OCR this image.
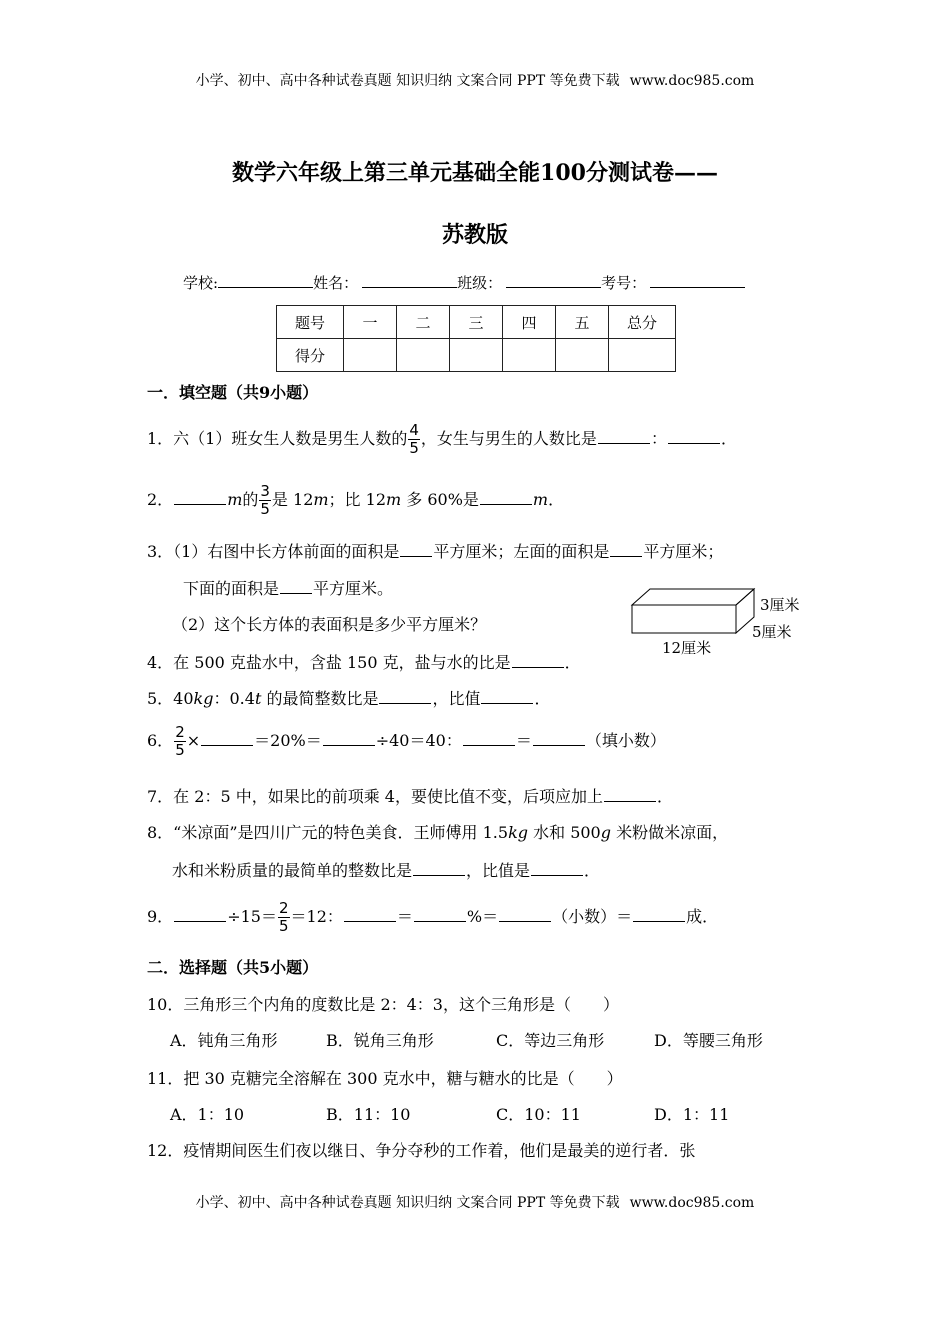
小学、初中、高中各种试卷真题 知识归纳 文案合同 PPT 等免费下载 www.doc985.com
数学六年级上第三单元基础全能100分测试卷——
苏教版
学校:	姓名：	班级：	考号：
题号	一	二	三	四	五	总分
得分						
一．填空题（共9小题）
1．六（1）班女生人数是男生人数的 $\frac{4}{5}$ ，女生与男生的人数比是	：	．
2．	m的 $\frac{3}{5}$ 是 12m；比 12m 多 60%是	m．
3．（1）右图中长方体前面的面积是 平方厘米；左面的面积是 平方厘米；
下面的面积是 平方厘米。
（2）这个长方体的表面积是多少平方厘米？
3厘米
5厘米
12厘米
4．在 500 克盐水中，含盐 150 克，盐与水的比是	．
5．40kg：0.4t 的最简整数比是	，比值	．
6． $\frac{2}{5}$ ×	＝20%＝	÷40＝40：	＝	（填小数）
7．在 2：5 中，如果比的前项乘 4，要使比值不变，后项应加上	．
8．“米凉面”是四川广元的特色美食．王师傅用 1.5kg 水和 500g 米粉做米凉面，
水和米粉质量的最简单的整数比是	，比值是	．
9．	$\div 15= \frac{2}{5} =12$：	＝	%＝	（小数）＝	成．
二．选择题（共5小题）
10．三角形三个内角的度数比是 2：4：3，这个三角形是（　　）
A．钝角三角形	B．锐角三角形	C．等边三角形	D．等腰三角形
11．把 30 克糖完全溶解在 300 克水中，糖与糖水的比是（　　）
A．1：10	B．11：10	C．10：11	D．1：11
12．疫情期间医生们夜以继日、争分夺秒的工作着，他们是最美的逆行者．张
小学、初中、高中各种试卷真题 知识归纳 文案合同 PPT 等免费下载 www.doc985.com
